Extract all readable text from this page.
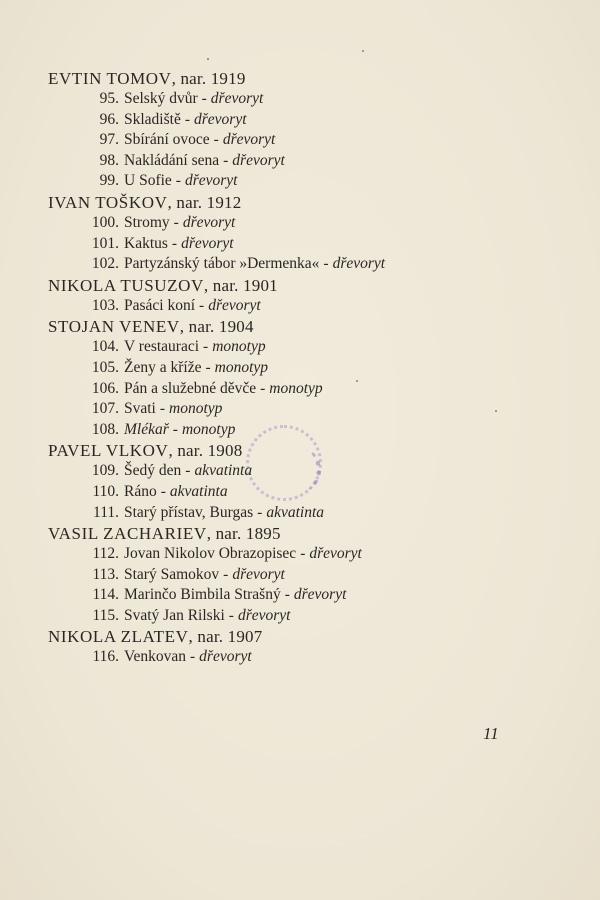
EVTIN TOMOV, nar. 1919
95. Selský dvůr - dřevoryt
96. Skladiště - dřevoryt
97. Sbírání ovoce - dřevoryt
98. Nakládání sena - dřevoryt
99. U Sofie - dřevoryt
IVAN TOŠKOV, nar. 1912
100. Stromy - dřevoryt
101. Kaktus - dřevoryt
102. Partyzánský tábor »Dermenka« - dřevoryt
NIKOLA TUSUZOV, nar. 1901
103. Pasáci koní - dřevoryt
STOJAN VENEV, nar. 1904
104. V restauraci - monotyp
105. Ženy a kříže - monotyp
106. Pán a služebné děvče - monotyp
107. Svati - monotyp
108. Mlékař - monotyp
PAVEL VLKOV, nar. 1908
109. Šedý den - akvatinta
110. Ráno - akvatinta
111. Starý přístav, Burgas - akvatinta
VASIL ZACHARIEV, nar. 1895
112. Jovan Nikolov Obrazopisec - dřevoryt
113. Starý Samokov - dřevoryt
114. Marinčo Bimbila Strašný - dřevoryt
115. Svatý Jan Rilski - dřevoryt
NIKOLA ZLATEV, nar. 1907
116. Venkovan - dřevoryt
11
